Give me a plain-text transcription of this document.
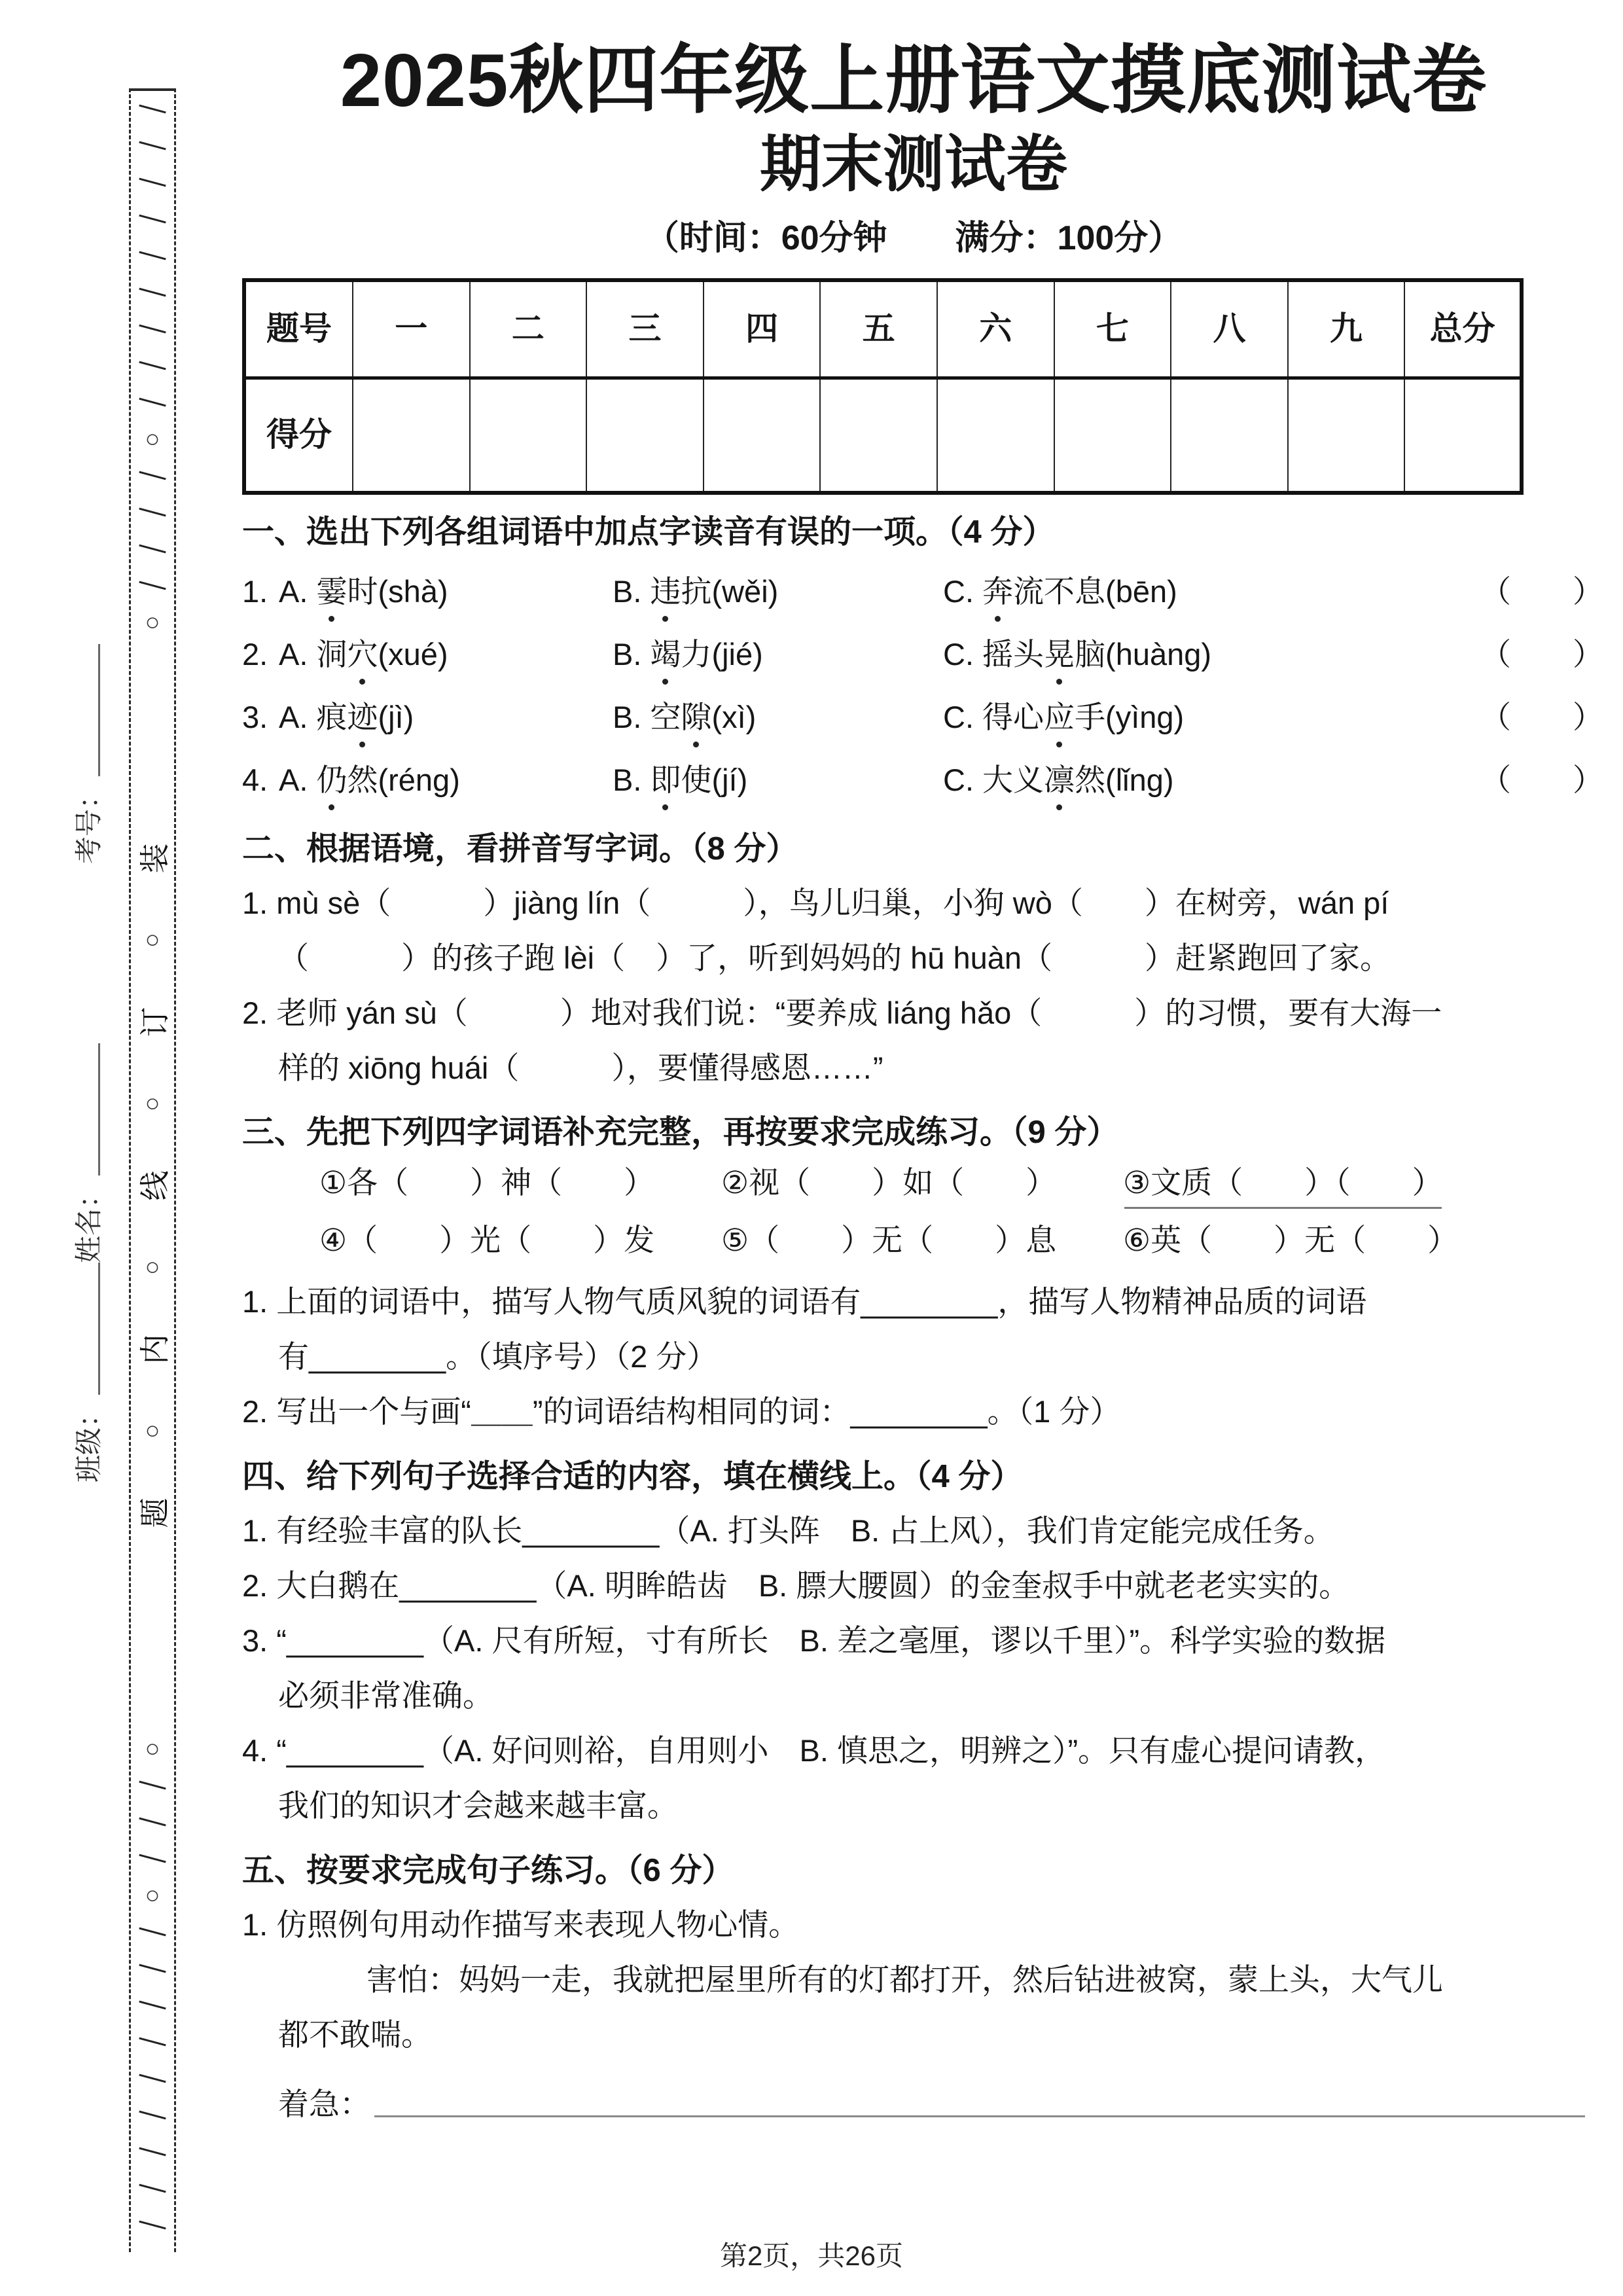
考号：
姓名：
班级：
○
○
装
○
订
○
线
○
内
○
题
○
○
2025秋四年级上册语文摸底测试卷
期末测试卷
（时间：60分钟　　满分：100分）
题号	一	二	三	四	五	六	七	八	九	总分
得分										
一、选出下列各组词语中加点字读音有误的一项。（4 分）
1. A. 霎时(shà)	B. 违抗(wěi)	C. 奔流不息(bēn)	（　　）
2. A. 洞穴(xué)	B. 竭力(jié)	C. 摇头晃脑(huàng)	（　　）
3. A. 痕迹(jì)	B. 空隙(xì)	C. 得心应手(yìng)	（　　）
4. A. 仍然(réng)	B. 即使(jí)	C. 大义凛然(lǐng)	（　　）
二、根据语境，看拼音写字词。（8 分）
1. mù sè（　　　）jiàng lín（　　　），鸟儿归巢，小狗 wò（　　）在树旁，wán pí
（　　　）的孩子跑 lèi（　）了，听到妈妈的 hū huàn（　　　）赶紧跑回了家。
2. 老师 yán sù（　　　）地对我们说：“要养成 liáng hǎo（　　　）的习惯，要有大海一
样的 xiōng huái（　　　），要懂得感恩……”
三、先把下列四字词语补充完整，再按要求完成练习。（9 分）
①各（　　）神（　　）	②视（　　）如（　　）	③文质（　　）（　　）
④（　　）光（　　）发	⑤（　　）无（　　）息	⑥英（　　）无（　　）
1. 上面的词语中，描写人物气质风貌的词语有________，描写人物精神品质的词语
有________。（填序号）（2 分）
2. 写出一个与画“＿＿”的词语结构相同的词：________。（1 分）
四、给下列句子选择合适的内容，填在横线上。（4 分）
1. 有经验丰富的队长________（A. 打头阵　B. 占上风），我们肯定能完成任务。
2. 大白鹅在________（A. 明眸皓齿　B. 膘大腰圆）的金奎叔手中就老老实实的。
3. “________（A. 尺有所短，寸有所长　B. 差之毫厘，谬以千里）”。科学实验的数据
必须非常准确。
4. “________（A. 好问则裕，自用则小　B. 慎思之，明辨之）”。只有虚心提问请教，
我们的知识才会越来越丰富。
五、按要求完成句子练习。（6 分）
1. 仿照例句用动作描写来表现人物心情。
害怕：妈妈一走，我就把屋里所有的灯都打开，然后钻进被窝，蒙上头，大气儿
都不敢喘。
着急：
第2页，共26页
